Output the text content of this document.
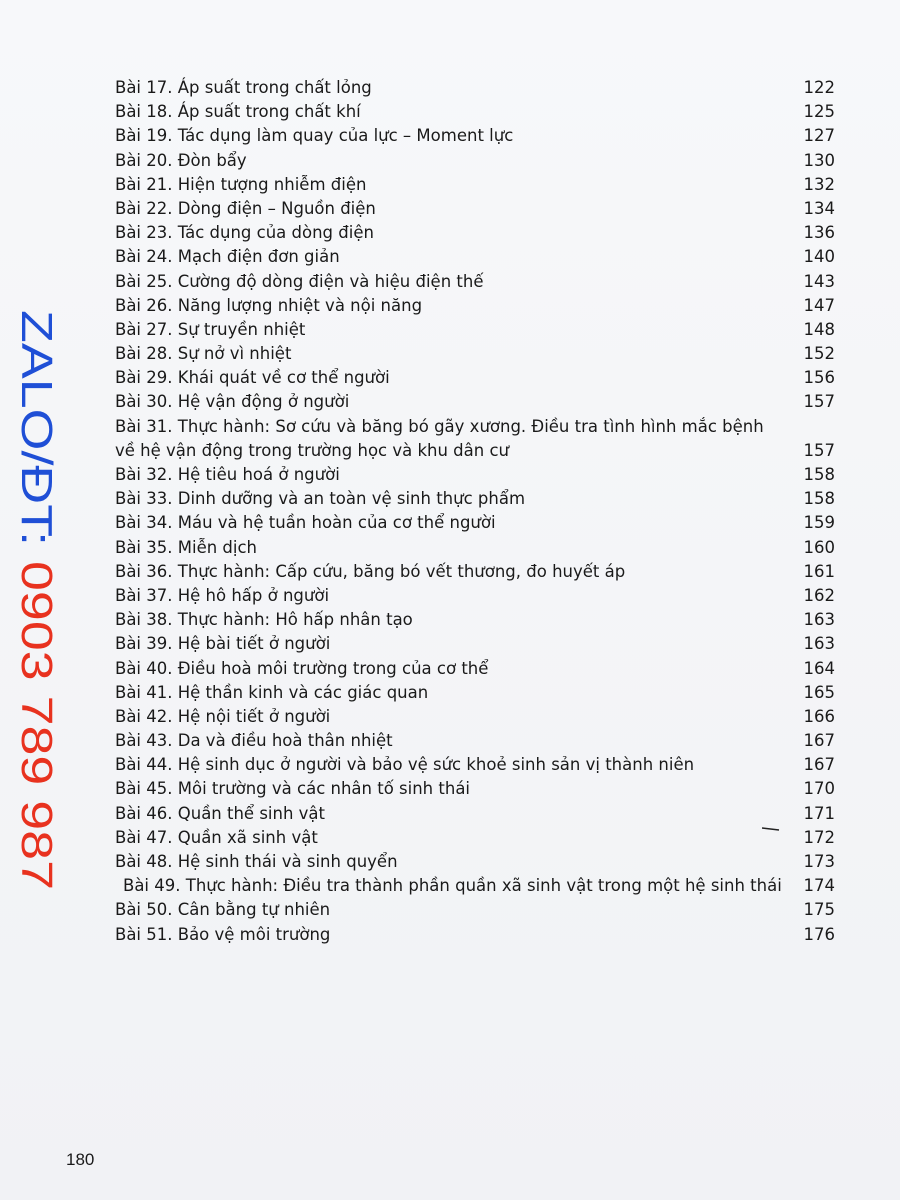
Bài 17. Áp suất trong chất lỏng	122
Bài 18. Áp suất trong chất khí	125
Bài 19. Tác dụng làm quay của lực – Moment lực	127
Bài 20. Đòn bẩy	130
Bài 21. Hiện tượng nhiễm điện	132
Bài 22. Dòng điện – Nguồn điện	134
Bài 23. Tác dụng của dòng điện	136
Bài 24. Mạch điện đơn giản	140
Bài 25. Cường độ dòng điện và hiệu điện thế	143
Bài 26. Năng lượng nhiệt và nội năng	147
Bài 27. Sự truyền nhiệt	148
Bài 28. Sự nở vì nhiệt	152
Bài 29. Khái quát về cơ thể người	156
Bài 30. Hệ vận động ở người	157
Bài 31. Thực hành: Sơ cứu và băng bó gãy xương. Điều tra tình hình mắc bệnh
về hệ vận động trong trường học và khu dân cư	157
Bài 32. Hệ tiêu hoá ở người	158
Bài 33. Dinh dưỡng và an toàn vệ sinh thực phẩm	158
Bài 34. Máu và hệ tuần hoàn của cơ thể người	159
Bài 35. Miễn dịch	160
Bài 36. Thực hành: Cấp cứu, băng bó vết thương, đo huyết áp	161
Bài 37. Hệ hô hấp ở người	162
Bài 38. Thực hành: Hô hấp nhân tạo	163
Bài 39. Hệ bài tiết ở người	163
Bài 40. Điều hoà môi trường trong của cơ thể	164
Bài 41. Hệ thần kinh và các giác quan	165
Bài 42. Hệ nội tiết ở người	166
Bài 43. Da và điều hoà thân nhiệt	167
Bài 44. Hệ sinh dục ở người và bảo vệ sức khoẻ sinh sản vị thành niên	167
Bài 45. Môi trường và các nhân tố sinh thái	170
Bài 46. Quần thể sinh vật	171
Bài 47. Quần xã sinh vật	172
Bài 48. Hệ sinh thái và sinh quyển	173
Bài 49. Thực hành: Điều tra thành phần quần xã sinh vật trong một hệ sinh thái	174
Bài 50. Cân bằng tự nhiên	175
Bài 51. Bảo vệ môi trường	176
ZALO/ĐT: 0903 789 987
180
